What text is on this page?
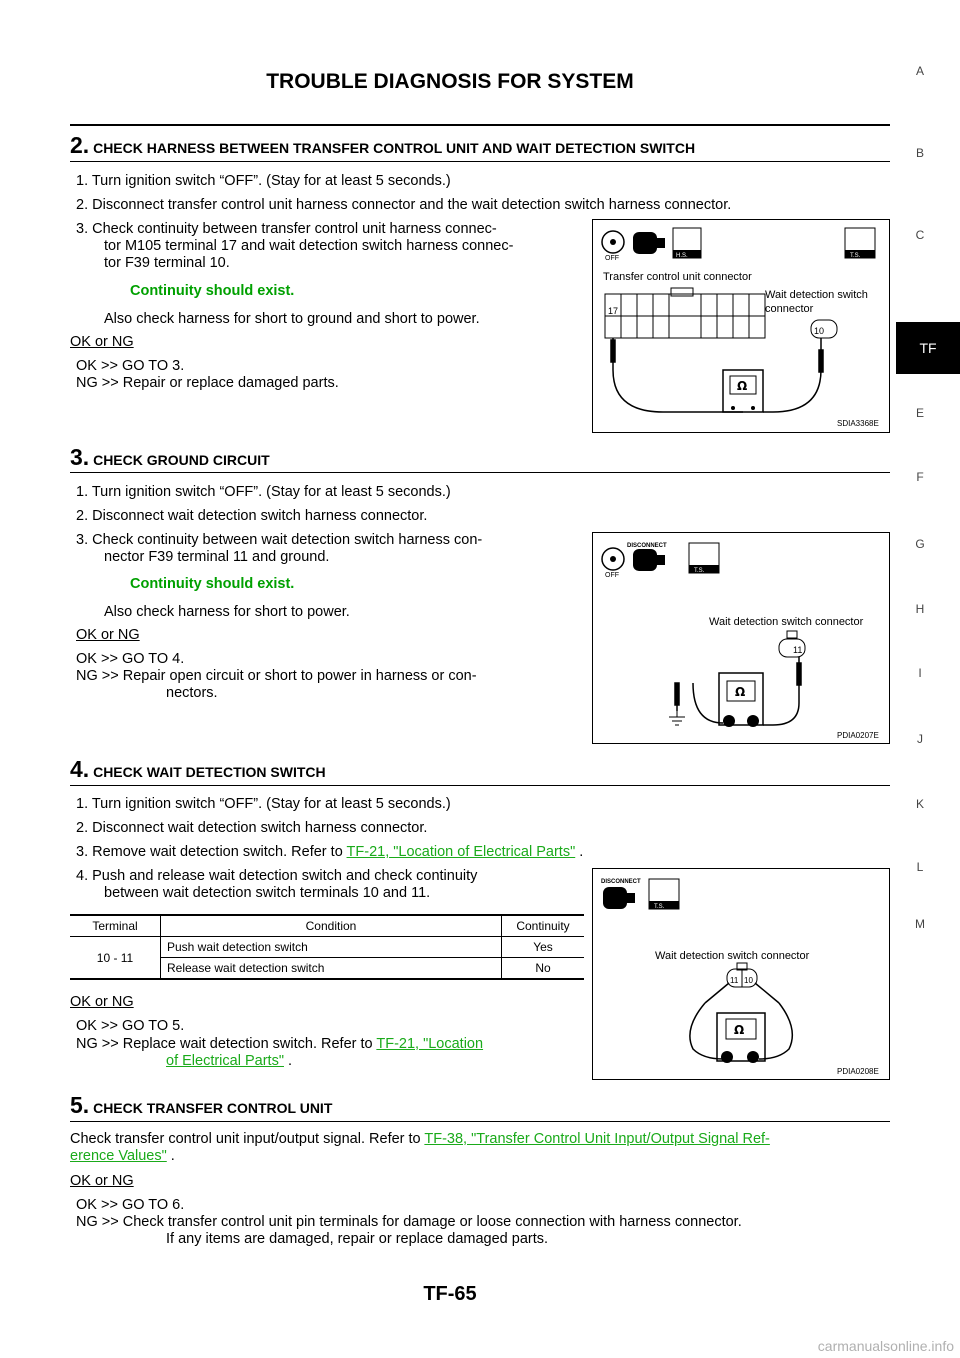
TROUBLE DIAGNOSIS FOR SYSTEM	A
B
C
TF
E
F
G
H
I
J
K
L
M
2. CHECK HARNESS BETWEEN TRANSFER CONTROL UNIT AND WAIT DETECTION SWITCH
1. Turn ignition switch “OFF”. (Stay for at least 5 seconds.)
2. Disconnect transfer control unit harness connector and the wait detection switch harness connector.
3. Check continuity between transfer control unit harness connec-
tor M105 terminal 17 and wait detection switch harness connec-
tor F39 terminal 10.
Continuity should exist.
Also check harness for short to ground and short to power.
OK or NG
OK >> GO TO 3.
NG >> Repair or replace damaged parts.
OFF	H.S.	T.S.
Transfer control unit connector
Wait detection switch
connector
17
10
Ω
SDIA3368E
3. CHECK GROUND CIRCUIT
1. Turn ignition switch “OFF”. (Stay for at least 5 seconds.)
2. Disconnect wait detection switch harness connector.
3. Check continuity between wait detection switch harness con-
nector F39 terminal 11 and ground.
Continuity should exist.
Also check harness for short to power.
OK or NG
OK >> GO TO 4.
NG >> Repair open circuit or short to power in harness or con-
nectors.
DISCONNECT
OFF
T.S.
Wait detection switch connector
11
Ω
PDIA0207E
4. CHECK WAIT DETECTION SWITCH
1. Turn ignition switch “OFF”. (Stay for at least 5 seconds.)
2. Disconnect wait detection switch harness connector.
3. Remove wait detection switch. Refer to TF-21, "Location of Electrical Parts" .
4. Push and release wait detection switch and check continuity
between wait detection switch terminals 10 and 11.
Terminal	Condition	Continuity
10 - 11	Push wait detection switch	Yes
	Release wait detection switch	No
OK or NG
OK >> GO TO 5.
NG >> Replace wait detection switch. Refer to TF-21, "Location
of Electrical Parts" .
DISCONNECT
T.S.
Wait detection switch connector
11 10
Ω
PDIA0208E
5. CHECK TRANSFER CONTROL UNIT
Check transfer control unit input/output signal. Refer to TF-38, "Transfer Control Unit Input/Output Signal Ref-
erence Values" .
OK or NG
OK >> GO TO 6.
NG >> Check transfer control unit pin terminals for damage or loose connection with harness connector.
If any items are damaged, repair or replace damaged parts.
TF-65
carmanualsonline.info
